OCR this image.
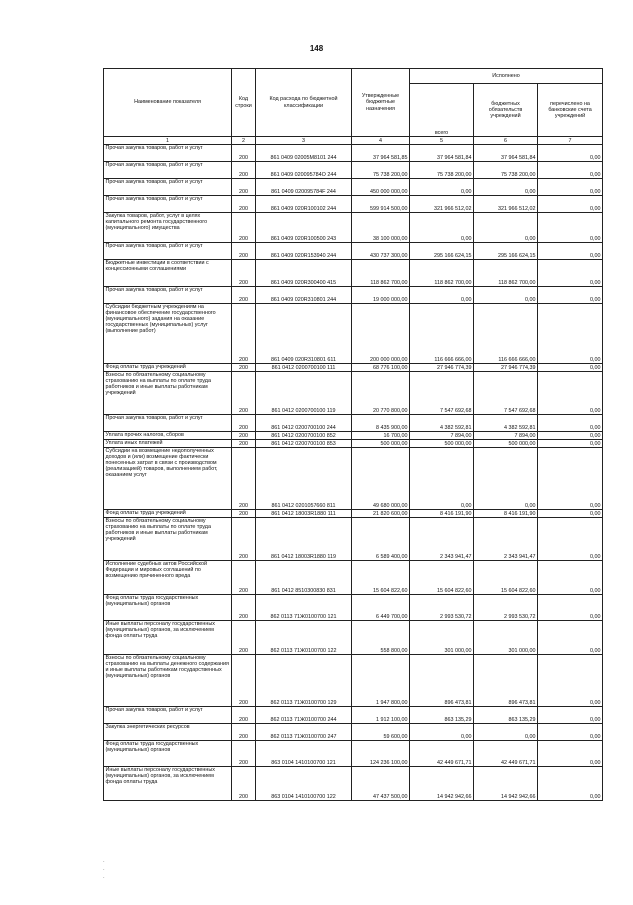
148
Наименование показателя	Код строки	Код расхода по бюджетной классификации	Утвержденные бюджетные назначения	Исполнено		
				всего	бюджетных обязательств учреждений	перечислено на банковские счета учреждений
1	2	3	4	5	6	7
Прочая закупка товаров, работ и услуг	200	861 0409 02005М8101 244	37 964 581,85	37 964 581,84	37 964 581,84	0,00
Прочая закупка товаров, работ и услуг	200	861 0409 020095784О 244	75 738 200,00	75 738 200,00	75 738 200,00	0,00
Прочая закупка товаров, работ и услуг	200	861 0409 020095784F 244	450 000 000,00	0,00	0,00	0,00
Прочая закупка товаров, работ и услуг	200	861 0409 020R100102 244	599 914 500,00	321 966 512,02	321 966 512,02	0,00
Закупка товаров, работ, услуг в целях капитального ремонта государственного (муниципального) имущества	200	861 0409 020R100500 243	38 100 000,00	0,00	0,00	0,00
Прочая закупка товаров, работ и услуг	200	861 0409 020R153940 244	430 737 300,00	295 166 624,15	295 166 624,15	0,00
Бюджетные инвестиции в соответствии с концессионными соглашениями	200	861 0409 020R300400 415	118 862 700,00	118 862 700,00	118 862 700,00	0,00
Прочая закупка товаров, работ и услуг	200	861 0409 020R310801 244	19 000 000,00	0,00	0,00	0,00
Субсидии бюджетным учреждениям на финансовое обеспечение государственного (муниципального) задания на оказание государственных (муниципальных) услуг (выполнение работ)	200	861 0409 020R310801 611	200 000 000,00	116 666 666,00	116 666 666,00	0,00
Фонд оплаты труда учреждений	200	861 0412 0200700100 111	68 776 100,00	27 946 774,39	27 946 774,39	0,00
Взносы по обязательному социальному страхованию на выплаты по оплате труда работников и иные выплаты работникам учреждений	200	861 0412 0200700100 119	20 770 800,00	7 547 692,68	7 547 692,68	0,00
Прочая закупка товаров, работ и услуг	200	861 0412 0200700100 244	8 435 900,00	4 382 592,81	4 382 592,81	0,00
Уплата прочих налогов, сборов	200	861 0412 0200700100 852	16 700,00	7 894,00	7 894,00	0,00
Уплата иных платежей	200	861 0412 0200700100 853	500 000,00	500 000,00	500 000,00	0,00
Субсидии на возмещение недополученных доходов и (или) возмещение фактически понесенных затрат в связи с производством (реализацией) товаров, выполнением работ, оказанием услуг	200	861 0412 0201057660 811	49 680 000,00	0,00	0,00	0,00
Фонд оплаты труда учреждений	200	861 0412 18003R1880 111	21 820 600,00	8 416 191,90	8 416 191,90	0,00
Взносы по обязательному социальному страхованию на выплаты по оплате труда работников и иные выплаты работникам учреждений	200	861 0412 18003R1880 119	6 589 400,00	2 343 941,47	2 343 941,47	0,00
Исполнение судебных актов Российской Федерации и мировых соглашений по возмещению причиненного вреда	200	861 0412 8510300830 831	15 604 822,60	15 604 822,60	15 604 822,60	0,00
Фонд оплаты труда государственных (муниципальных) органов	200	862 0113 71Ж0100700 121	6 449 700,00	2 993 530,72	2 993 530,72	0,00
Иные выплаты персоналу государственных (муниципальных) органов, за исключением фонда оплаты труда	200	862 0113 71Ж0100700 122	558 800,00	301 000,00	301 000,00	0,00
Взносы по обязательному социальному страхованию на выплаты денежного содержания и иные выплаты работникам государственных (муниципальных) органов	200	862 0113 71Ж0100700 129	1 947 800,00	896 473,81	896 473,81	0,00
Прочая закупка товаров, работ и услуг	200	862 0113 71Ж0100700 244	1 912 100,00	863 135,29	863 135,29	0,00
Закупка энергетических ресурсов	200	862 0113 71Ж0100700 247	59 600,00	0,00	0,00	0,00
Фонд оплаты труда государственных (муниципальных) органов	200	863 0104 1410100700 121	124 236 100,00	42 449 671,71	42 449 671,71	0,00
Иные выплаты персоналу государственных (муниципальных) органов, за исключением фонда оплаты труда	200	863 0104 1410100700 122	47 437 500,00	14 942 942,66	14 942 942,66	0,00
·
·
·
